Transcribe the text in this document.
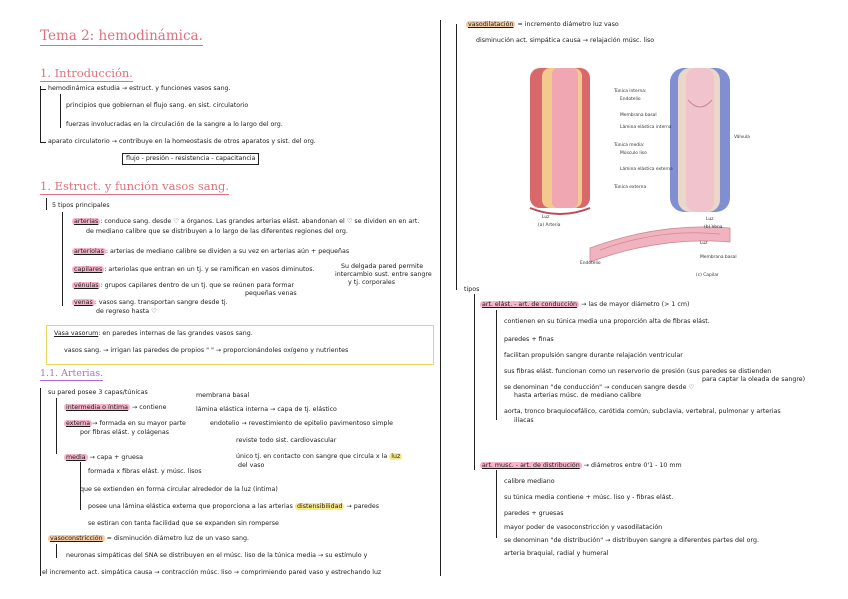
Tema 2: hemodinámica.
1. Introducción.
hemodinámica estudia → estruct. y funciones vasos sang.
principios que gobiernan el flujo sang. en sist. circulatorio
fuerzas involucradas en la circulación de la sangre a lo largo del org.
aparato circulatorio → contribuye en la homeostasis de otros aparatos y sist. del org.
flujo - presión - resistencia - capacitancia
1. Estruct. y función vasos sang.
5 tipos principales
arterias : conduce sang. desde ♡ a órganos. Las grandes arterias elást. abandonan el ♡ se dividen en en art.
de mediano calibre que se distribuyen a lo largo de las diferentes regiones del org.
arteriolas : arterias de mediano calibre se dividen a su vez en arterias aún + pequeñas
capilares : arteriolas que entran en un tj. y se ramifican en vasos diminutos.	Su delgada pared permite
intercambio sust. entre sangre
y tj. corporales
vénulas : grupos capilares dentro de un tj. que se reúnen para formar
pequeñas venas
venas : vasos sang. transportan sangre desde tj.
de regreso hasta ♡
Vasa vasorum: en paredes internas de las grandes vasos sang.
vasos sang. → irrigan las paredes de propios " " → proporcionándoles oxígeno y nutrientes
1.1. Arterias.
su pared posee 3 capas/túnicas
intermedia o íntima → contiene
membrana basal
lámina elástica interna → capa de tj. elástico
endotelio → revestimiento de epitelio pavimentoso simple
reviste todo sist. cardiovascular
único tj. en contacto con sangre que circula x la luz
del vaso
externa → formada en su mayor parte
por fibras elást. y colágenas
media → capa + gruesa
formada x fibras elást. y músc. lisos
que se extienden en forma circular alrededor de la luz (íntima)
posee una lámina elástica externa que proporciona a las arterias distensibilidad → paredes
se estiran con tanta facilidad que se expanden sin romperse
vasoconstricción = disminución diámetro luz de un vaso sang.
neuronas simpáticas del SNA se distribuyen en el músc. liso de la túnica media → su estímulo y
el incremento act. simpática causa → contracción músc. liso → comprimiendo pared vaso y estrechando luz
vasodilatación = incremento diámetro luz vaso
disminución act. simpática causa → relajación músc. liso
Túnica interna:
Endotelio
Membrana basal
Lámina elástica interna
Túnica media:
Músculo liso
Lámina elástica externa
Túnica externa
Válvula
Luz
(a) Arteria
Luz
(b) Vena
Luz
Membrana basal
Endotelio
(c) Capilar
tipos
art. elást. - art. de conducción → las de mayor diámetro (> 1 cm)
contienen en su túnica media una proporción alta de fibras elást.
paredes + finas
facilitan propulsión sangre durante relajación ventricular
sus fibras elást. funcionan como un reservorio de presión (sus paredes se distienden
para captar la oleada de sangre)
se denominan "de conducción" → conducen sangre desde ♡
hasta arterias músc. de mediano calibre
aorta, tronco braquiocefálico, carótida común, subclavia, vertebral, pulmonar y arterias
ilíacas
art. musc. - art. de distribución → diámetros entre 0'1 - 10 mm
calibre mediano
su túnica media contiene + músc. liso y - fibras elást.
paredes + gruesas
mayor poder de vasoconstricción y vasodilatación
se denominan "de distribución" → distribuyen sangre a diferentes partes del org.
arteria braquial, radial y humeral
